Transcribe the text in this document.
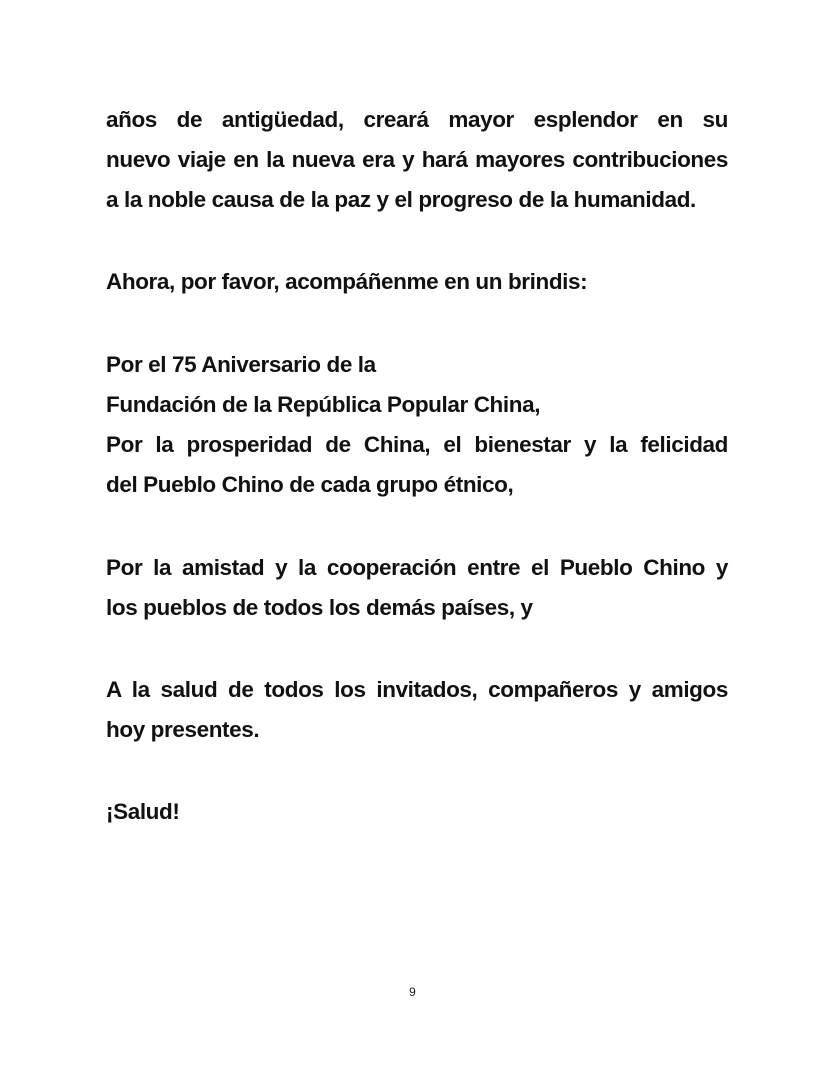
años de antigüedad, creará mayor esplendor en su
nuevo viaje en la nueva era y hará mayores contribuciones
a la noble causa de la paz y el progreso de la humanidad.
Ahora, por favor, acompáñenme en un brindis:
Por el 75 Aniversario de la
Fundación de la República Popular China,
Por la prosperidad de China, el bienestar y la felicidad
del Pueblo Chino de cada grupo étnico,
Por la amistad y la cooperación entre el Pueblo Chino y
los pueblos de todos los demás países, y
A la salud de todos los invitados, compañeros y amigos
hoy presentes.
¡Salud!
9
